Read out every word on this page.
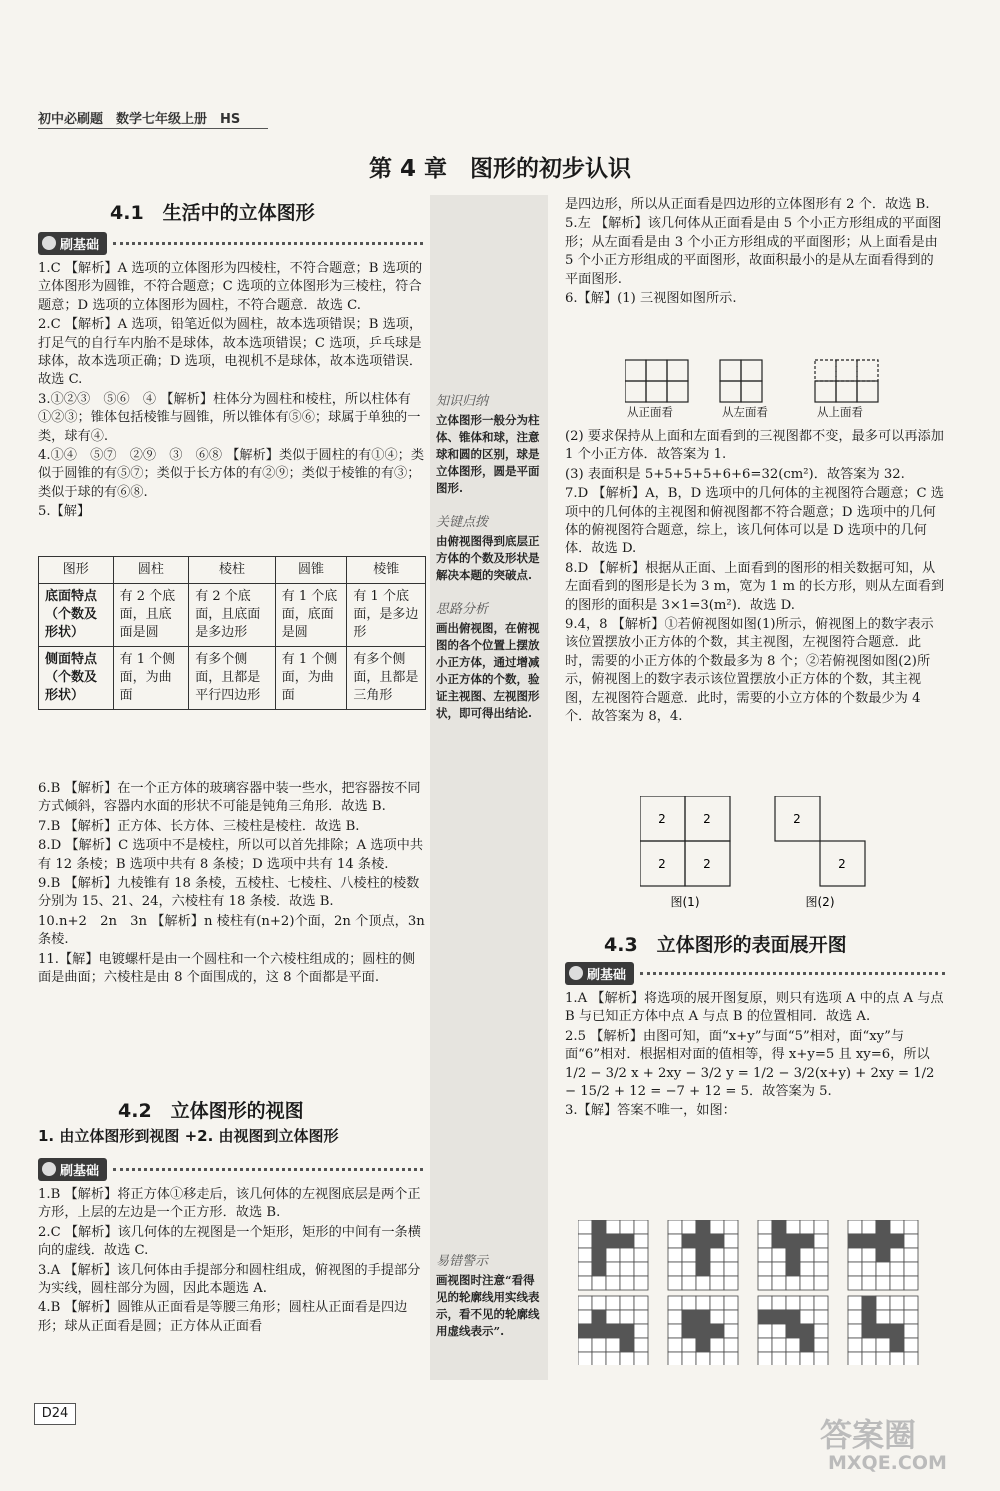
初中必刷题　数学七年级上册　HS
第 4 章　图形的初步认识
4.1　生活中的立体图形
刷基础

1.C 【解析】A 选项的立体图形为四棱柱，不符合题意；B 选项的立体图形为圆锥，不符合题意；C 选项的立体图形为三棱柱，符合题意；D 选项的立体图形为圆柱，不符合题意．故选 C.

2.C 【解析】A 选项，铅笔近似为圆柱，故本选项错误；B 选项，打足气的自行车内胎不是球体，故本选项错误；C 选项，乒乓球是球体，故本选项正确；D 选项，电视机不是球体，故本选项错误．故选 C.

3.①②③　⑤⑥　④ 【解析】柱体分为圆柱和棱柱，所以柱体有①②③；锥体包括棱锥与圆锥，所以锥体有⑤⑥；球属于单独的一类，球有④.

4.①④　⑤⑦　②⑨　③　⑥⑧ 【解析】类似于圆柱的有①④；类似于圆锥的有⑤⑦；类似于长方体的有②⑨；类似于棱锥的有③；类似于球的有⑥⑧.

5.【解】

图形	圆柱	棱柱	圆锥	棱锥
底面特点（个数及形状）	有 2 个底面，且底面是圆	有 2 个底面，且底面是多边形	有 1 个底面，底面是圆	有 1 个底面，是多边形
侧面特点（个数及形状）	有 1 个侧面，为曲面	有多个侧面，且都是平行四边形	有 1 个侧面，为曲面	有多个侧面，且都是三角形

6.B 【解析】在一个正方体的玻璃容器中装一些水，把容器按不同方式倾斜，容器内水面的形状不可能是钝角三角形．故选 B.

7.B 【解析】正方体、长方体、三棱柱是棱柱．故选 B.

8.D 【解析】C 选项中不是棱柱，所以可以首先排除；A 选项中共有 12 条棱；B 选项中共有 8 条棱；D 选项中共有 14 条棱.

9.B 【解析】九棱锥有 18 条棱，五棱柱、七棱柱、八棱柱的棱数分别为 15、21、24，六棱柱有 18 条棱．故选 B.

10.n+2　2n　3n 【解析】n 棱柱有(n+2)个面，2n 个顶点，3n 条棱.

11.【解】电镀螺杆是由一个圆柱和一个六棱柱组成的；圆柱的侧面是曲面；六棱柱是由 8 个面围成的，这 8 个面都是平面.

4.2　立体图形的视图
1. 由立体图形到视图 +2. 由视图到立体图形
刷基础

1.B 【解析】将正方体①移走后，该几何体的左视图底层是两个正方形，上层的左边是一个正方形．故选 B.

2.C 【解析】该几何体的左视图是一个矩形，矩形的中间有一条横向的虚线．故选 C.

3.A 【解析】该几何体由手提部分和圆柱组成，俯视图的手提部分为实线，圆柱部分为圆，因此本题选 A.

4.B 【解析】圆锥从正面看是等腰三角形；圆柱从正面看是四边形；球从正面看是圆；正方体从正面看

知识归纳
立体图形一般分为柱体、锥体和球，注意球和圆的区别，球是立体图形，圆是平面图形.
关键点拨
由俯视图得到底层正方体的个数及形状是解决本题的突破点.
思路分析
画出俯视图，在俯视图的各个位置上摆放小正方体，通过增减小正方体的个数，验证主视图、左视图形状，即可得出结论.
易错警示
画视图时注意“看得见的轮廓线用实线表示，看不见的轮廓线用虚线表示”.

是四边形，所以从正面看是四边形的立体图形有 2 个．故选 B.

5.左 【解析】该几何体从正面看是由 5 个小正方形组成的平面图形；从左面看是由 3 个小正方形组成的平面图形；从上面看是由 5 个小正方形组成的平面图形，故面积最小的是从左面看得到的平面图形.

6.【解】(1) 三视图如图所示.

从正面看	从左面看	从上面看

(2) 要求保持从上面和左面看到的三视图都不变，最多可以再添加 1 个小正方体．故答案为 1.

(3) 表面积是 5+5+5+5+6+6=32(cm²)．故答案为 32.

7.D 【解析】A，B，D 选项中的几何体的主视图符合题意；C 选项中的几何体的主视图和俯视图都不符合题意；D 选项中的几何体的俯视图符合题意，综上，该几何体可以是 D 选项中的几何体．故选 D.

8.D 【解析】根据从正面、上面看到的图形的相关数据可知，从左面看到的图形是长为 3 m，宽为 1 m 的长方形，则从左面看到的图形的面积是 3×1=3(m²)．故选 D.

9.4，8 【解析】①若俯视图如图(1)所示，俯视图上的数字表示该位置摆放小正方体的个数，其主视图，左视图符合题意．此时，需要的小正方体的个数最多为 8 个；②若俯视图如图(2)所示，俯视图上的数字表示该位置摆放小正方体的个数，其主视图，左视图符合题意．此时，需要的小立方体的个数最少为 4 个．故答案为 8，4.

2	2
2	2
2
2
图(1)	图(2)
4.3　立体图形的表面展开图
刷基础

1.A 【解析】将选项的展开图复原，则只有选项 A 中的点 A 与点 B 与已知正方体中点 A 与点 B 的位置相同．故选 A.

2.5 【解析】由图可知，面“x+y”与面“5”相对，面“xy”与面“6”相对．根据相对面的值相等，得 x+y=5 且 xy=6，所以 1/2 − 3/2 x + 2xy − 3/2 y = 1/2 − 3/2(x+y) + 2xy = 1/2 − 15/2 + 12 = −7 + 12 = 5．故答案为 5.

3.【解】答案不唯一，如图：

D24
答案圈
MXQE.COM
